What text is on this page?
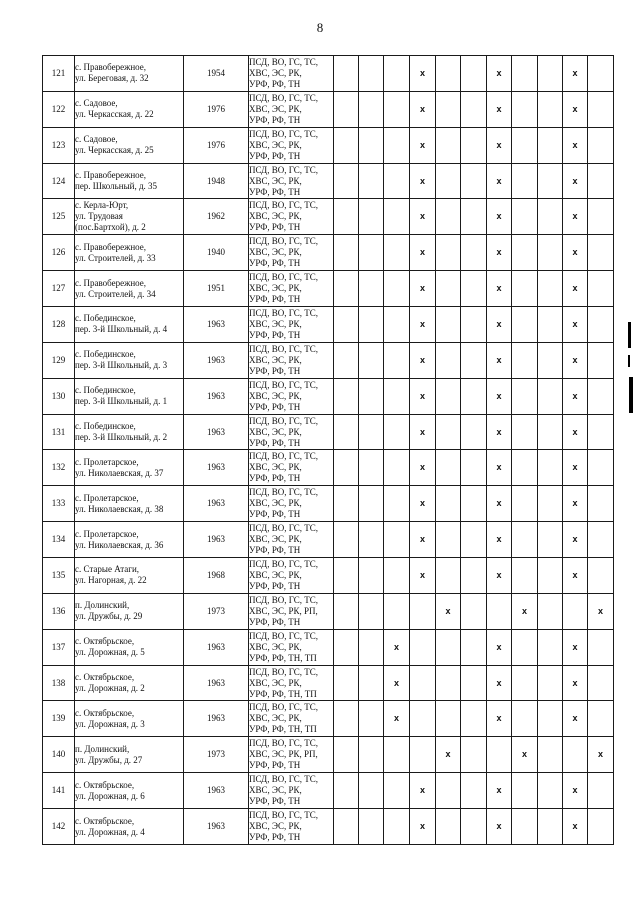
8
121	с. Правобережное,
ул. Береговая, д. 32	1954	ПСД, ВО, ГС, ТС,
ХВС, ЭС, РК,
УРФ, РФ, ТН				x			x			x	
122	с. Садовое,
ул. Черкасская, д. 22	1976	ПСД, ВО, ГС, ТС,
ХВС, ЭС, РК,
УРФ, РФ, ТН				x			x			x	
123	с. Садовое,
ул. Черкасская, д. 25	1976	ПСД, ВО, ГС, ТС,
ХВС, ЭС, РК,
УРФ, РФ, ТН				x			x			x	
124	с. Правобережное,
пер. Школьный, д. 35	1948	ПСД, ВО, ГС, ТС,
ХВС, ЭС, РК,
УРФ, РФ, ТН				x			x			x	
125	с. Керла-Юрт,
ул. Трудовая
(пос.Бартхой), д. 2	1962	ПСД, ВО, ГС, ТС,
ХВС, ЭС, РК,
УРФ, РФ, ТН				x			x			x	
126	с. Правобережное,
ул. Строителей, д. 33	1940	ПСД, ВО, ГС, ТС,
ХВС, ЭС, РК,
УРФ, РФ, ТН				x			x			x	
127	с. Правобережное,
ул. Строителей, д. 34	1951	ПСД, ВО, ГС, ТС,
ХВС, ЭС, РК,
УРФ, РФ, ТН				x			x			x	
128	с. Побединское,
пер. 3-й Школьный, д. 4	1963	ПСД, ВО, ГС, ТС,
ХВС, ЭС, РК,
УРФ, РФ, ТН				x			x			x	
129	с. Побединское,
пер. 3-й Школьный, д. 3	1963	ПСД, ВО, ГС, ТС,
ХВС, ЭС, РК,
УРФ, РФ, ТН				x			x			x	
130	с. Побединское,
пер. 3-й Школьный, д. 1	1963	ПСД, ВО, ГС, ТС,
ХВС, ЭС, РК,
УРФ, РФ, ТН				x			x			x	
131	с. Побединское,
пер. 3-й Школьный, д. 2	1963	ПСД, ВО, ГС, ТС,
ХВС, ЭС, РК,
УРФ, РФ, ТН				x			x			x	
132	с. Пролетарское,
ул. Николаевская, д. 37	1963	ПСД, ВО, ГС, ТС,
ХВС, ЭС, РК,
УРФ, РФ, ТН				x			x			x	
133	с. Пролетарское,
ул. Николаевская, д. 38	1963	ПСД, ВО, ГС, ТС,
ХВС, ЭС, РК,
УРФ, РФ, ТН				x			x			x	
134	с. Пролетарское,
ул. Николаевская, д. 36	1963	ПСД, ВО, ГС, ТС,
ХВС, ЭС, РК,
УРФ, РФ, ТН				x			x			x	
135	с. Старые Атаги,
ул. Нагорная, д. 22	1968	ПСД, ВО, ГС, ТС,
ХВС, ЭС, РК,
УРФ, РФ, ТН				x			x			x	
136	п. Долинский,
ул. Дружбы, д. 29	1973	ПСД, ВО, ГС, ТС,
ХВС, ЭС, РК, РП,
УРФ, РФ, ТН					x			x			x
137	с. Октябрьское,
ул. Дорожная, д. 5	1963	ПСД, ВО, ГС, ТС,
ХВС, ЭС, РК,
УРФ, РФ, ТН, ТП			x				x			x	
138	с. Октябрьское,
ул. Дорожная, д. 2	1963	ПСД, ВО, ГС, ТС,
ХВС, ЭС, РК,
УРФ, РФ, ТН, ТП			x				x			x	
139	с. Октябрьское,
ул. Дорожная, д. 3	1963	ПСД, ВО, ГС, ТС,
ХВС, ЭС, РК,
УРФ, РФ, ТН, ТП			x				x			x	
140	п. Долинский,
ул. Дружбы, д. 27	1973	ПСД, ВО, ГС, ТС,
ХВС, ЭС, РК, РП,
УРФ, РФ, ТН					x			x			x
141	с. Октябрьское,
ул. Дорожная, д. 6	1963	ПСД, ВО, ГС, ТС,
ХВС, ЭС, РК,
УРФ, РФ, ТН				x			x			x	
142	с. Октябрьское,
ул. Дорожная, д. 4	1963	ПСД, ВО, ГС, ТС,
ХВС, ЭС, РК,
УРФ, РФ, ТН				x			x			x	
